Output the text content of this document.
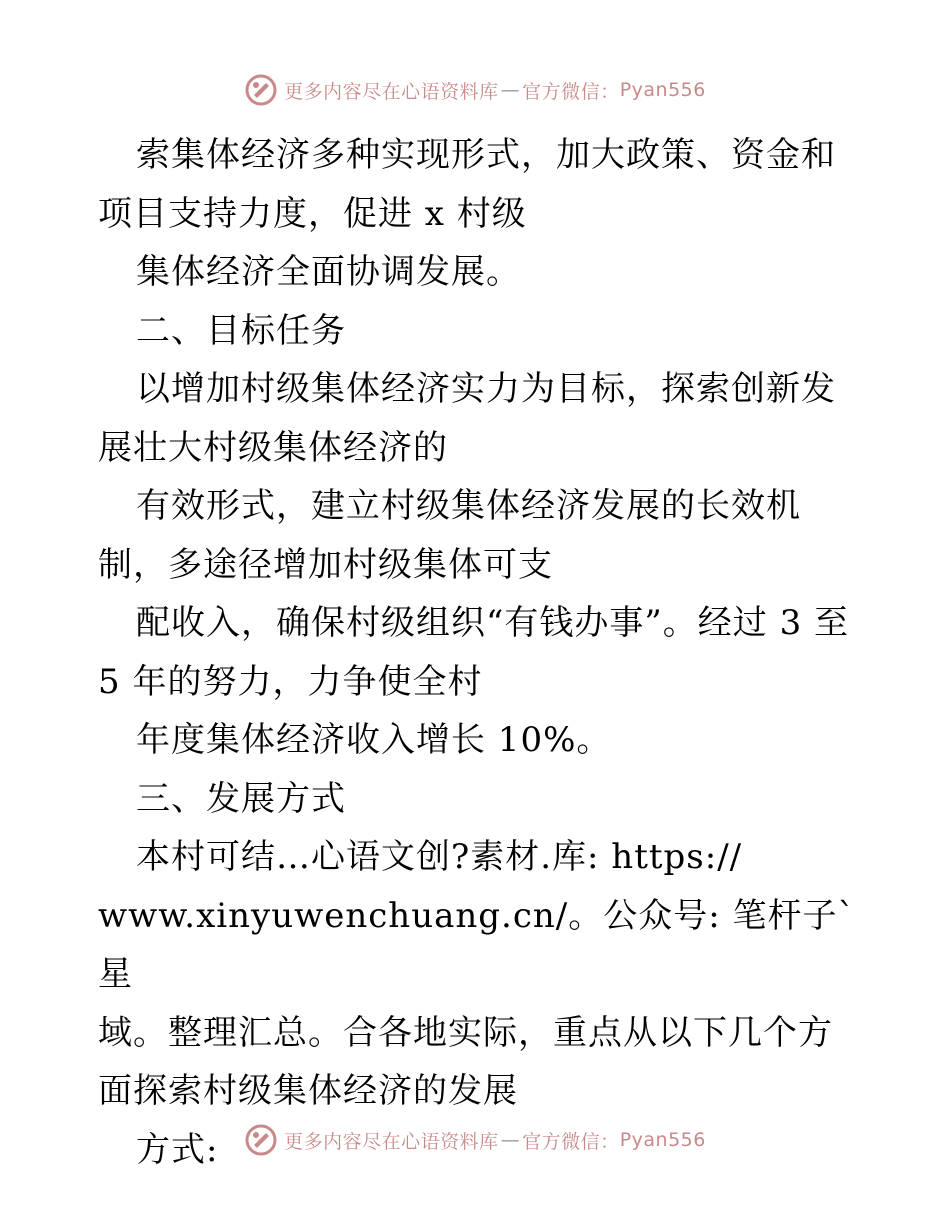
更多内容尽在心语资料库 — 官方微信： Pyan556

索集体经济多种实现形式，加大政策、资金和项目支持力度，促进 x 村级

集体经济全面协调发展。

二、目标任务

以增加村级集体经济实力为目标，探索创新发展壮大村级集体经济的

有效形式，建立村级集体经济发展的长效机制，多途径增加村级集体可支

配收入，确保村级组织“有钱办事”。经过 3 至 5 年的努力，力争使全村

年度集体经济收入增长 10%。

三、发展方式

本村可结…心语文创?素材.库: https://
www.xinyuwenchuang.cn/。公众号: 笔杆子`星
域。整理汇总。合各地实际，重点从以下几个方面探索村级集体经济的发展

方式:	更多内容尽在心语资料库 — 官方微信： Pyan556
